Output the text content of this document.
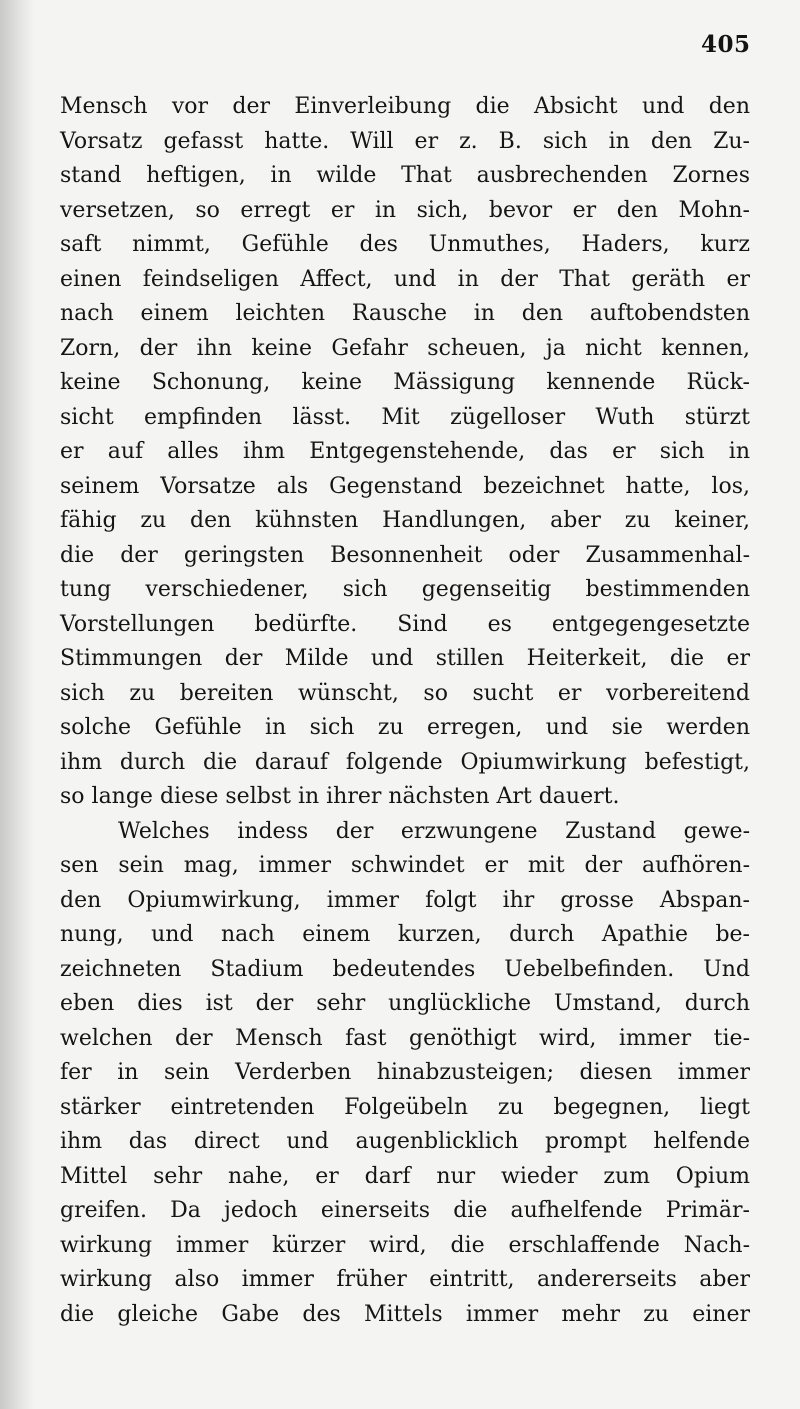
405
Mensch vor der Einverleibung die Absicht und den
Vorsatz gefasst hatte. Will er z. B. sich in den Zu-
stand heftigen, in wilde That ausbrechenden Zornes
versetzen, so erregt er in sich, bevor er den Mohn-
saft nimmt, Gefühle des Unmuthes, Haders, kurz
einen feindseligen Affect, und in der That geräth er
nach einem leichten Rausche in den auftobendsten
Zorn, der ihn keine Gefahr scheuen, ja nicht kennen,
keine Schonung, keine Mässigung kennende Rück-
sicht empfinden lässt. Mit zügelloser Wuth stürzt
er auf alles ihm Entgegenstehende, das er sich in
seinem Vorsatze als Gegenstand bezeichnet hatte, los,
fähig zu den kühnsten Handlungen, aber zu keiner,
die der geringsten Besonnenheit oder Zusammenhal-
tung verschiedener, sich gegenseitig bestimmenden
Vorstellungen bedürfte. Sind es entgegengesetzte
Stimmungen der Milde und stillen Heiterkeit, die er
sich zu bereiten wünscht, so sucht er vorbereitend
solche Gefühle in sich zu erregen, und sie werden
ihm durch die darauf folgende Opiumwirkung befestigt,
so lange diese selbst in ihrer nächsten Art dauert.
Welches indess der erzwungene Zustand gewe-
sen sein mag, immer schwindet er mit der aufhören-
den Opiumwirkung, immer folgt ihr grosse Abspan-
nung, und nach einem kurzen, durch Apathie be-
zeichneten Stadium bedeutendes Uebelbefinden. Und
eben dies ist der sehr unglückliche Umstand, durch
welchen der Mensch fast genöthigt wird, immer tie-
fer in sein Verderben hinabzusteigen; diesen immer
stärker eintretenden Folgeübeln zu begegnen, liegt
ihm das direct und augenblicklich prompt helfende
Mittel sehr nahe, er darf nur wieder zum Opium
greifen. Da jedoch einerseits die aufhelfende Primär-
wirkung immer kürzer wird, die erschlaffende Nach-
wirkung also immer früher eintritt, andererseits aber
die gleiche Gabe des Mittels immer mehr zu einer
